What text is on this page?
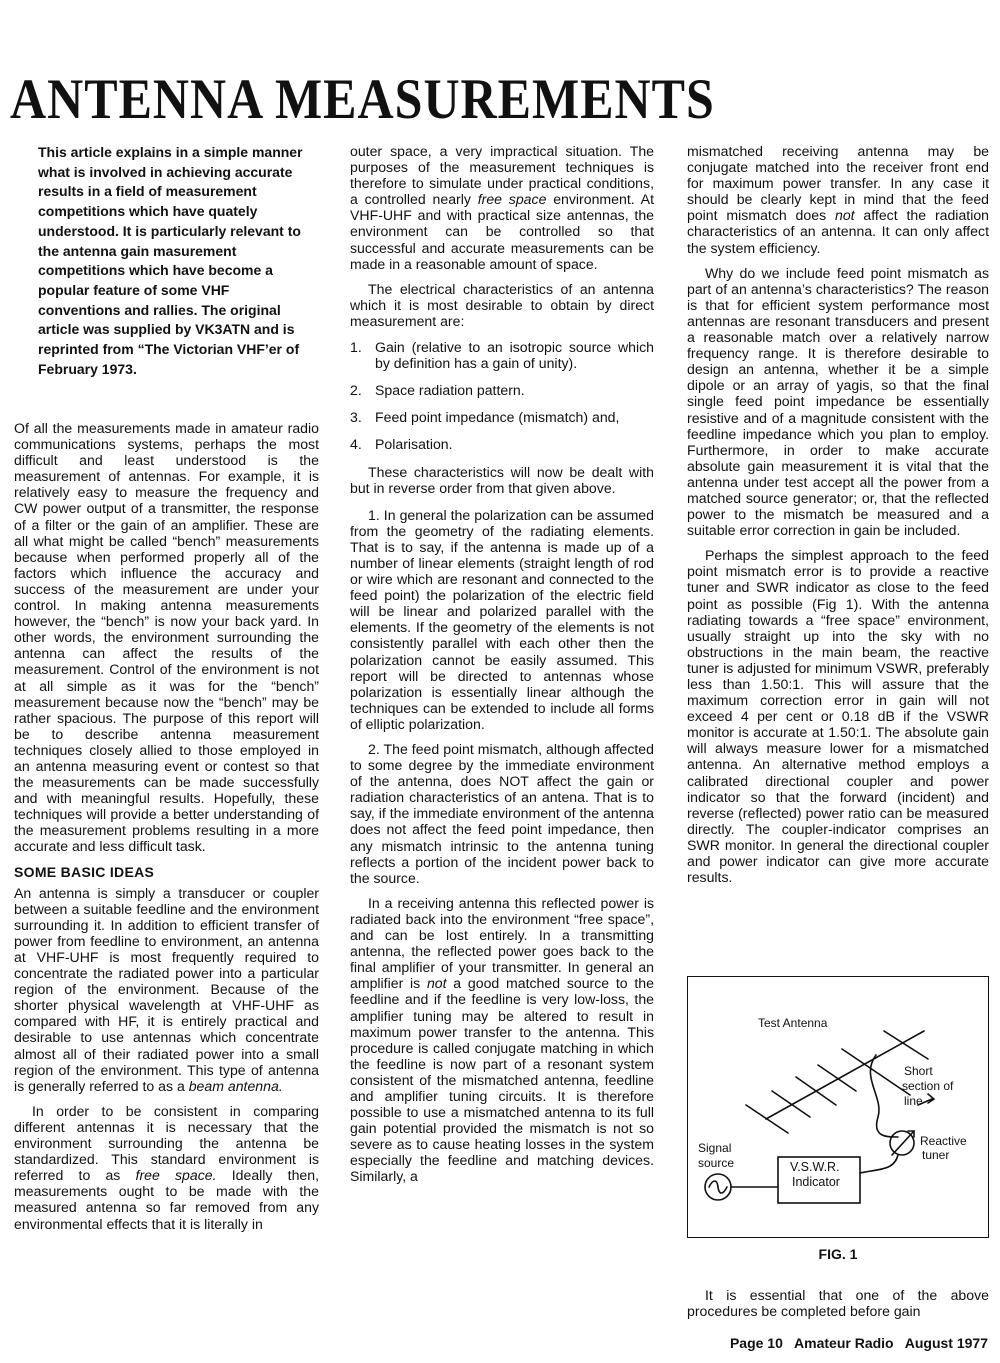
ANTENNA MEASUREMENTS

This article explains in a simple manner what is involved in achieving accurate results in a field of measurement competitions which have quately understood. It is particularly relevant to the antenna gain masurement competitions which have become a popular feature of some VHF conventions and rallies. The original article was supplied by VK3ATN and is reprinted from “The Victorian VHF’er of February 1973.

Of all the measurements made in amateur radio communications systems, perhaps the most difficult and least understood is the measurement of antennas. For example, it is relatively easy to measure the frequency and CW power output of a transmitter, the response of a filter or the gain of an amplifier. These are all what might be called “bench” measurements because when performed properly all of the factors which influence the accuracy and success of the measurement are under your control. In making antenna measurements however, the “bench” is now your back yard. In other words, the environment surrounding the antenna can affect the results of the measurement. Control of the environment is not at all simple as it was for the “bench” measurement because now the “bench” may be rather spacious. The purpose of this report will be to describe antenna measurement techniques closely allied to those employed in an antenna measuring event or contest so that the measurements can be made successfully and with meaningful results. Hopefully, these techniques will provide a better understanding of the measurement problems resulting in a more accurate and less difficult task.

SOME BASIC IDEAS

An antenna is simply a transducer or coupler between a suitable feedline and the environment surrounding it. In addition to efficient transfer of power from feedline to environment, an antenna at VHF-UHF is most frequently required to concentrate the radiated power into a particular region of the environment. Because of the shorter physical wavelength at VHF-UHF as compared with HF, it is entirely practical and desirable to use antennas which concentrate almost all of their radiated power into a small region of the environment. This type of antenna is generally referred to as a beam antenna.

In order to be consistent in comparing different antennas it is necessary that the environment surrounding the antenna be standardized. This standard environment is referred to as free space. Ideally then, measurements ought to be made with the measured antenna so far removed from any environmental effects that it is literally in

outer space, a very impractical situation. The purposes of the measurement techniques is therefore to simulate under practical conditions, a controlled nearly free space environment. At VHF-UHF and with practical size antennas, the environment can be controlled so that successful and accurate measurements can be made in a reasonable amount of space.

The electrical characteristics of an antenna which it is most desirable to obtain by direct measurement are:

1. Gain (relative to an isotropic source which by definition has a gain of unity).
2. Space radiation pattern.
3. Feed point impedance (mismatch) and,
4. Polarisation.

These characteristics will now be dealt with but in reverse order from that given above.

1. In general the polarization can be assumed from the geometry of the radiating elements. That is to say, if the antenna is made up of a number of linear elements (straight length of rod or wire which are resonant and connected to the feed point) the polarization of the electric field will be linear and polarized parallel with the elements. If the geometry of the elements is not consistently parallel with each other then the polarization cannot be easily assumed. This report will be directed to antennas whose polarization is essentially linear although the techniques can be extended to include all forms of elliptic polarization.

2. The feed point mismatch, although affected to some degree by the immediate environment of the antenna, does NOT affect the gain or radiation characteristics of an antena. That is to say, if the immediate environment of the antenna does not affect the feed point impedance, then any mismatch intrinsic to the antenna tuning reflects a portion of the incident power back to the source.

In a receiving antenna this reflected power is radiated back into the environment “free space”, and can be lost entirely. In a transmitting antenna, the reflected power goes back to the final amplifier of your transmitter. In general an amplifier is not a good matched source to the feedline and if the feedline is very low-loss, the amplifier tuning may be altered to result in maximum power transfer to the antenna. This procedure is called conjugate matching in which the feedline is now part of a resonant system consistent of the mismatched antenna, feedline and amplifier tuning circuits. It is therefore possible to use a mismatched antenna to its full gain potential provided the mismatch is not so severe as to cause heating losses in the system especially the feedline and matching devices. Similarly, a

mismatched receiving antenna may be conjugate matched into the receiver front end for maximum power transfer. In any case it should be clearly kept in mind that the feed point mismatch does not affect the radiation characteristics of an antenna. It can only affect the system efficiency.

Why do we include feed point mismatch as part of an antenna’s characteristics? The reason is that for efficient system performance most antennas are resonant transducers and present a reasonable match over a relatively narrow frequency range. It is therefore desirable to design an antenna, whether it be a simple dipole or an array of yagis, so that the final single feed point impedance be essentially resistive and of a magnitude consistent with the feedline impedance which you plan to employ. Furthermore, in order to make accurate absolute gain measurement it is vital that the antenna under test accept all the power from a matched source generator; or, that the reflected power to the mismatch be measured and a suitable error correction in gain be included.

Perhaps the simplest approach to the feed point mismatch error is to provide a reactive tuner and SWR indicator as close to the feed point as possible (Fig 1). With the antenna radiating towards a “free space” environment, usually straight up into the sky with no obstructions in the main beam, the reactive tuner is adjusted for minimum VSWR, preferably less than 1.50:1. This will assure that the maximum correction error in gain will not exceed 4 per cent or 0.18 dB if the VSWR monitor is accurate at 1.50:1. The absolute gain will always measure lower for a mismatched antenna. An alternative method employs a calibrated directional coupler and power indicator so that the forward (incident) and reverse (reflected) power ratio can be measured directly. The coupler-indicator comprises an SWR monitor. In general the directional coupler and power indicator can give more accurate results.

Test Antenna
Short
section of
line
Reactive
tuner
Signal
source	V.S.W.R.
Indicator
FIG. 1

It is essential that one of the above procedures be completed before gain

Page 10   Amateur Radio   August 1977
